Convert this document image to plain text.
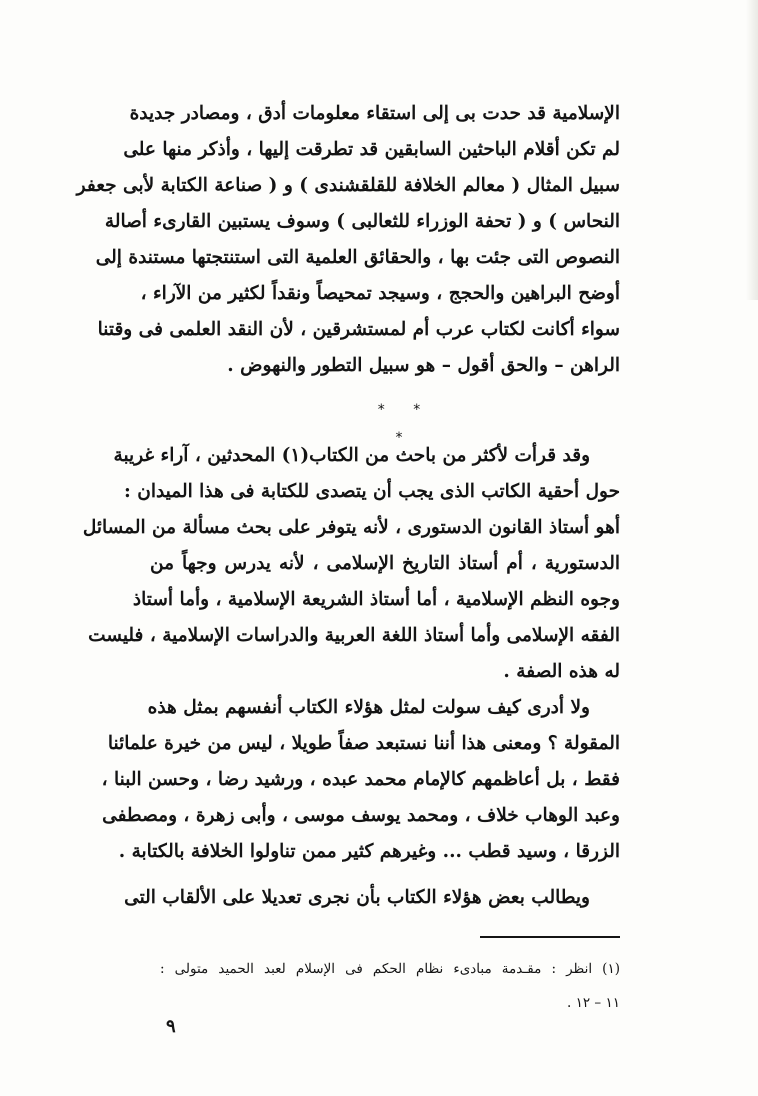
الإسلامية قد حدت بى إلى استقاء معلومات أدق ، ومصادر جديدة
لم تكن أقلام الباحثين السابقين قد تطرقت إليها ، وأذكر منها على
سبيل المثال ( معالم الخلافة للقلقشندى ) و ( صناعة الكتابة لأبى جعفر
النحاس ) و ( تحفة الوزراء للثعالبى ) وسوف يستبين القارىء أصالة
النصوص التى جئت بها ، والحقائق العلمية التى استنتجتها مستندة إلى
أوضح البراهين والحجج ، وسيجد تمحيصاً ونقداً لكثير من الآراء ،
سواء أكانت لكتاب عرب أم لمستشرقين ، لأن النقد العلمى فى وقتنا
الراهن – والحق أقول – هو سبيل التطور والنهوض .
* * *
وقد قرأت لأكثر من باحث من الكتاب(١) المحدثين ، آراء غريبة
حول أحقية الكاتب الذى يجب أن يتصدى للكتابة فى هذا الميدان :
أهو أستاذ القانون الدستورى ، لأنه يتوفر على بحث مسألة من المسائل
الدستورية ، أم أستاذ التاريخ الإسلامى ، لأنه يدرس وجهاً من
وجوه النظم الإسلامية ، أما أستاذ الشريعة الإسلامية ، وأما أستاذ
الفقه الإسلامى وأما أستاذ اللغة العربية والدراسات الإسلامية ، فليست
له هذه الصفة .
ولا أدرى كيف سولت لمثل هؤلاء الكتاب أنفسهم بمثل هذه
المقولة ؟ ومعنى هذا أننا نستبعد صفاً طويلا ، ليس من خيرة علمائنا
فقط ، بل أعاظمهم كالإمام محمد عبده ، ورشيد رضا ، وحسن البنا ،
وعبد الوهاب خلاف ، ومحمد يوسف موسى ، وأبى زهرة ، ومصطفى
الزرقا ، وسيد قطب ... وغيرهم كثير ممن تناولوا الخلافة بالكتابة .
ويطالب بعض هؤلاء الكتاب بأن نجرى تعديلا على الألقاب التى
(١) انظر : مقـدمة مبادىء نظام الحكم فى الإسلام لعبد الحميد متولى :
١١ – ١٢ .
٩
